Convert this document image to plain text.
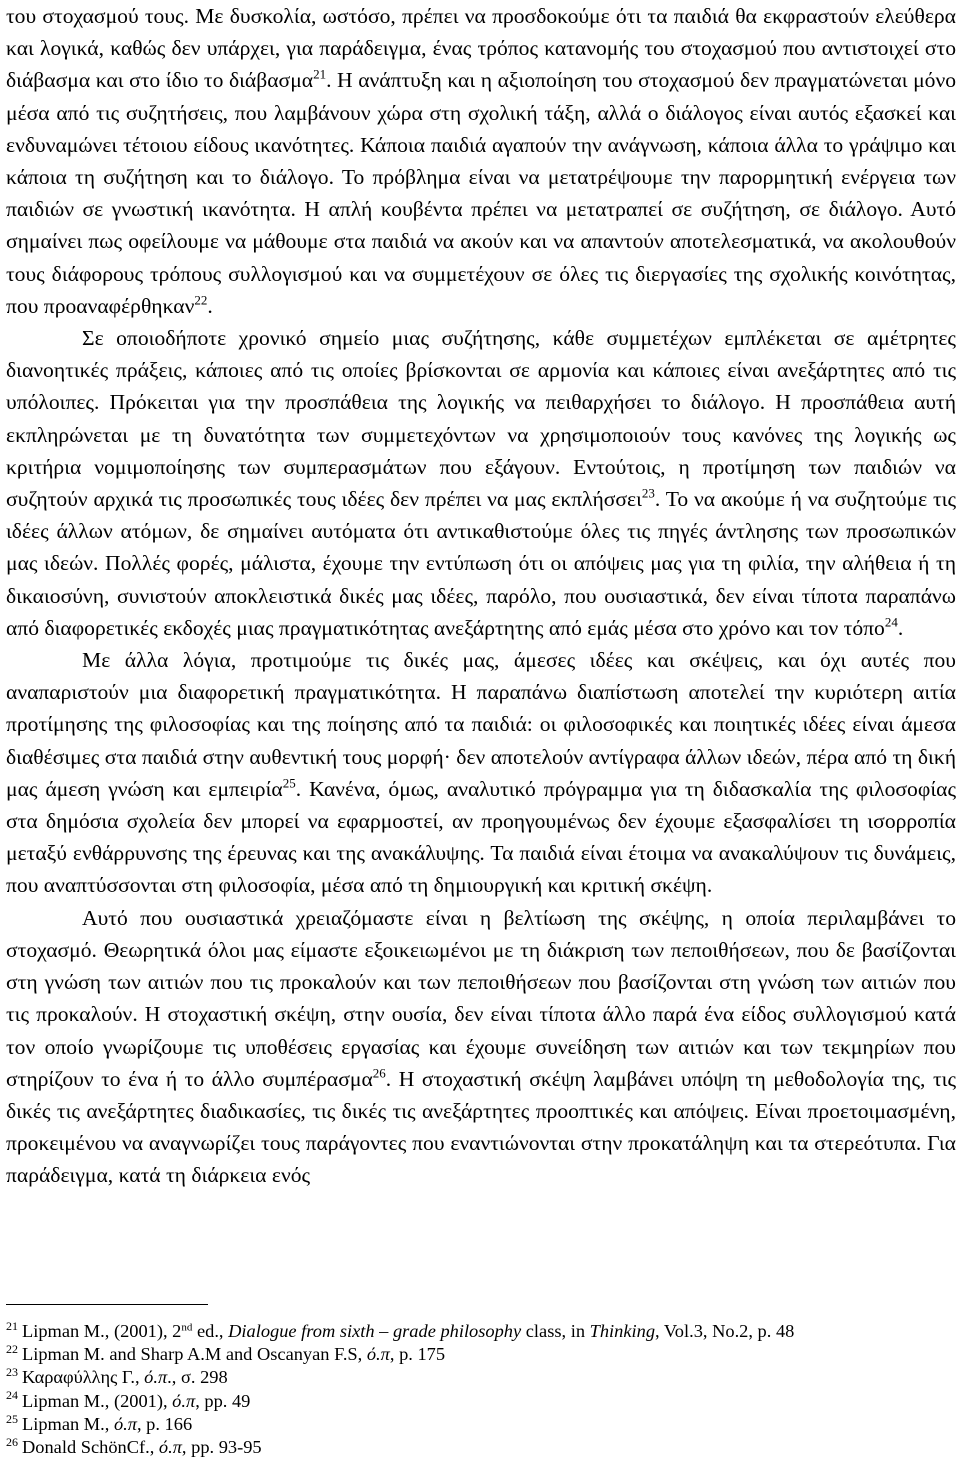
του στοχασμού τους. Με δυσκολία, ωστόσο, πρέπει να προσδοκούμε ότι τα παιδιά θα εκφραστούν ελεύθερα και λογικά, καθώς δεν υπάρχει, για παράδειγμα, ένας τρόπος κατανομής του στοχασμού που αντιστοιχεί στο διάβασμα και στο ίδιο το διάβασμα$^{21}$. Η ανάπτυξη και η αξιοποίηση του στοχασμού δεν πραγματώνεται μόνο μέσα από τις συζητήσεις, που λαμβάνουν χώρα στη σχολική τάξη, αλλά ο διάλογος είναι αυτός εξασκεί και ενδυναμώνει τέτοιου είδους ικανότητες. Κάποια παιδιά αγαπούν την ανάγνωση, κάποια άλλα το γράψιμο και κάποια τη συζήτηση και το διάλογο. Το πρόβλημα είναι να μετατρέψουμε την παρορμητική ενέργεια των παιδιών σε γνωστική ικανότητα. Η απλή κουβέντα πρέπει να μετατραπεί σε συζήτηση, σε διάλογο. Αυτό σημαίνει πως οφείλουμε να μάθουμε στα παιδιά να ακούν και να απαντούν αποτελεσματικά, να ακολουθούν τους διάφορους τρόπους συλλογισμού και να συμμετέχουν σε όλες τις διεργασίες της σχολικής κοινότητας, που προαναφέρθηκαν$^{22}$.

Σε οποιοδήποτε χρονικό σημείο μιας συζήτησης, κάθε συμμετέχων εμπλέκεται σε αμέτρητες διανοητικές πράξεις, κάποιες από τις οποίες βρίσκονται σε αρμονία και κάποιες είναι ανεξάρτητες από τις υπόλοιπες. Πρόκειται για την προσπάθεια της λογικής να πειθαρχήσει το διάλογο. Η προσπάθεια αυτή εκπληρώνεται με τη δυνατότητα των συμμετεχόντων να χρησιμοποιούν τους κανόνες της λογικής ως κριτήρια νομιμοποίησης των συμπερασμάτων που εξάγουν. Εντούτοις, η προτίμηση των παιδιών να συζητούν αρχικά τις προσωπικές τους ιδέες δεν πρέπει να μας εκπλήσσει$^{23}$. Το να ακούμε ή να συζητούμε τις ιδέες άλλων ατόμων, δε σημαίνει αυτόματα ότι αντικαθιστούμε όλες τις πηγές άντλησης των προσωπικών μας ιδεών. Πολλές φορές, μάλιστα, έχουμε την εντύπωση ότι οι απόψεις μας για τη φιλία, την αλήθεια ή τη δικαιοσύνη, συνιστούν αποκλειστικά δικές μας ιδέες, παρόλο, που ουσιαστικά, δεν είναι τίποτα παραπάνω από διαφορετικές εκδοχές μιας πραγματικότητας ανεξάρτητης από εμάς μέσα στο χρόνο και τον τόπο$^{24}$.

Με άλλα λόγια, προτιμούμε τις δικές μας, άμεσες ιδέες και σκέψεις, και όχι αυτές που αναπαριστούν μια διαφορετική πραγματικότητα. Η παραπάνω διαπίστωση αποτελεί την κυριότερη αιτία προτίμησης της φιλοσοφίας και της ποίησης από τα παιδιά: οι φιλοσοφικές και ποιητικές ιδέες είναι άμεσα διαθέσιμες στα παιδιά στην αυθεντική τους μορφή· δεν αποτελούν αντίγραφα άλλων ιδεών, πέρα από τη δική μας άμεση γνώση και εμπειρία$^{25}$. Κανένα, όμως, αναλυτικό πρόγραμμα για τη διδασκαλία της φιλοσοφίας στα δημόσια σχολεία δεν μπορεί να εφαρμοστεί, αν προηγουμένως δεν έχουμε εξασφαλίσει τη ισορροπία μεταξύ ενθάρρυνσης της έρευνας και της ανακάλυψης. Τα παιδιά είναι έτοιμα να ανακαλύψουν τις δυνάμεις, που αναπτύσσονται στη φιλοσοφία, μέσα από τη δημιουργική και κριτική σκέψη.

Αυτό που ουσιαστικά χρειαζόμαστε είναι η βελτίωση της σκέψης, η οποία περιλαμβάνει το στοχασμό. Θεωρητικά όλοι μας είμαστε εξοικειωμένοι με τη διάκριση των πεποιθήσεων, που δε βασίζονται στη γνώση των αιτιών που τις προκαλούν και των πεποιθήσεων που βασίζονται στη γνώση των αιτιών που τις προκαλούν. Η στοχαστική σκέψη, στην ουσία, δεν είναι τίποτα άλλο παρά ένα είδος συλλογισμού κατά τον οποίο γνωρίζουμε τις υποθέσεις εργασίας και έχουμε συνείδηση των αιτιών και των τεκμηρίων που στηρίζουν το ένα ή το άλλο συμπέρασμα$^{26}$. Η στοχαστική σκέψη λαμβάνει υπόψη τη μεθοδολογία της, τις δικές τις ανεξάρτητες διαδικασίες, τις δικές τις ανεξάρτητες προοπτικές και απόψεις. Είναι προετοιμασμένη, προκειμένου να αναγνωρίζει τους παράγοντες που εναντιώνονται στην προκατάληψη και τα στερεότυπα. Για παράδειγμα, κατά τη διάρκεια ενός

$^{21}$ Lipman M., (2001), 2nd ed., Dialogue from sixth – grade philosophy class, in Thinking, Vol.3, No.2, p. 48
$^{22}$ Lipman M. and Sharp A.M and Oscanyan F.S, ό.π, p. 175
$^{23}$ Καραφύλλης Γ., ό.π., σ. 298
$^{24}$ Lipman M., (2001), ό.π, pp. 49
$^{25}$ Lipman M., ό.π, p. 166
$^{26}$ Donald SchönCf., ό.π, pp. 93-95
